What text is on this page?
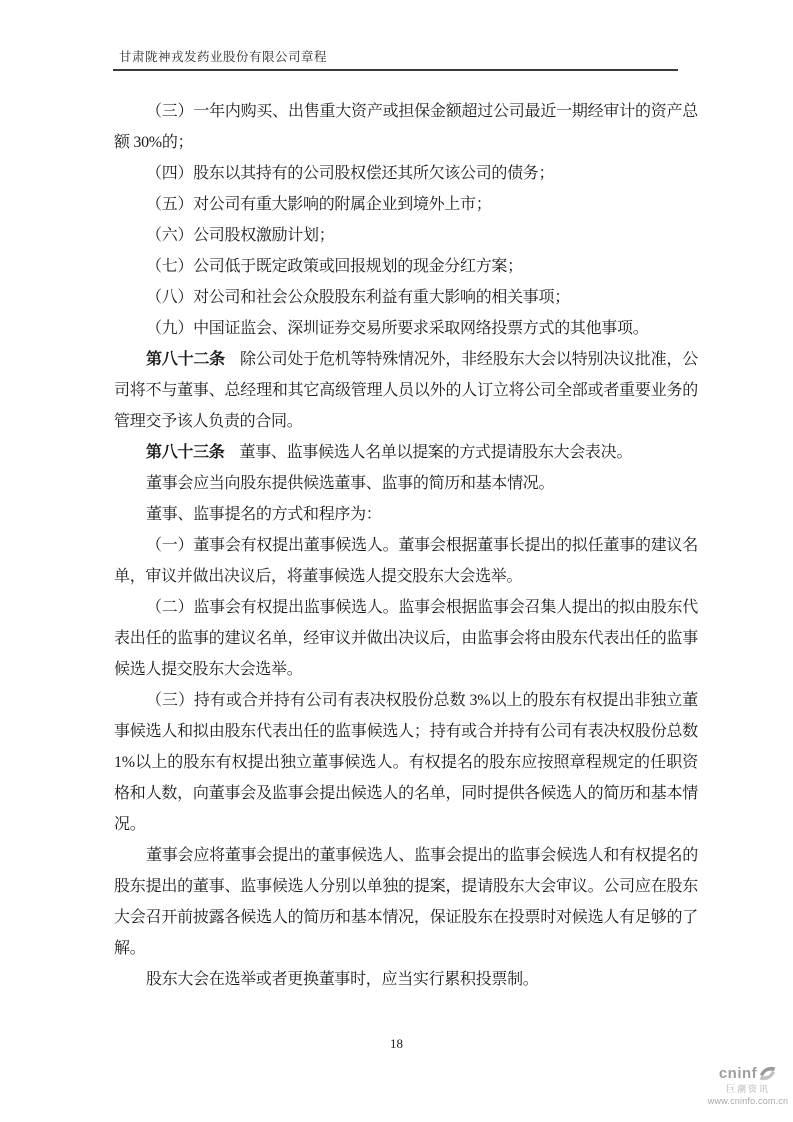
甘肃陇神戎发药业股份有限公司章程

（三）一年内购买、出售重大资产或担保金额超过公司最近一期经审计的资产总额 30%的；

（四）股东以其持有的公司股权偿还其所欠该公司的债务；

（五）对公司有重大影响的附属企业到境外上市；

（六）公司股权激励计划；

（七）公司低于既定政策或回报规划的现金分红方案；

（八）对公司和社会公众股股东利益有重大影响的相关事项；

（九）中国证监会、深圳证券交易所要求采取网络投票方式的其他事项。

第八十二条 除公司处于危机等特殊情况外，非经股东大会以特别决议批准，公司将不与董事、总经理和其它高级管理人员以外的人订立将公司全部或者重要业务的管理交予该人负责的合同。

第八十三条 董事、监事候选人名单以提案的方式提请股东大会表决。

董事会应当向股东提供候选董事、监事的简历和基本情况。

董事、监事提名的方式和程序为：

（一）董事会有权提出董事候选人。董事会根据董事长提出的拟任董事的建议名单，审议并做出决议后，将董事候选人提交股东大会选举。

（二）监事会有权提出监事候选人。监事会根据监事会召集人提出的拟由股东代表出任的监事的建议名单，经审议并做出决议后，由监事会将由股东代表出任的监事候选人提交股东大会选举。

（三）持有或合并持有公司有表决权股份总数 3%以上的股东有权提出非独立董事候选人和拟由股东代表出任的监事候选人；持有或合并持有公司有表决权股份总数 1%以上的股东有权提出独立董事候选人。有权提名的股东应按照章程规定的任职资格和人数，向董事会及监事会提出候选人的名单，同时提供各候选人的简历和基本情况。

董事会应将董事会提出的董事候选人、监事会提出的监事会候选人和有权提名的股东提出的董事、监事候选人分别以单独的提案，提请股东大会审议。公司应在股东大会召开前披露各候选人的简历和基本情况，保证股东在投票时对候选人有足够的了解。

股东大会在选举或者更换董事时，应当实行累积投票制。

18
cninf
巨潮资讯
www.cninfo.com.cn
